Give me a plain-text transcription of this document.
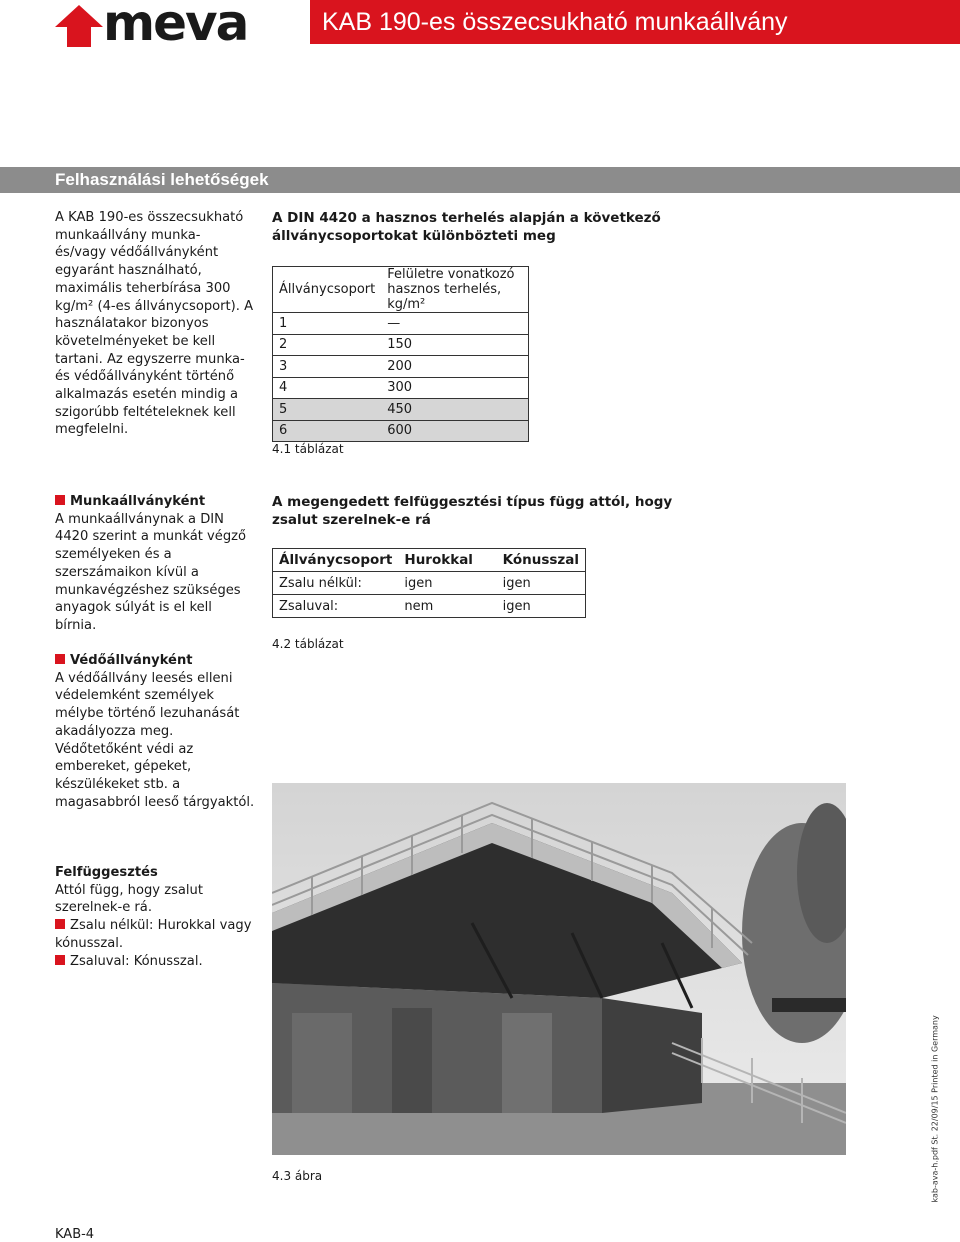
meva	KAB 190-es összecsukható munkaállvány
Felhasználási lehetőségek

A KAB 190-es összecsukható munkaállvány munka- és/vagy védőállványként egyaránt használható, maximális teherbírása 300 kg/m² (4-es állványcsoport). A használatakor bizonyos követelményeket be kell tartani. Az egyszerre munka- és védőállványként történő alkalmazás esetén mindig a szigorúbb feltételeknek kell megfelelni.

Munkaállványként

A munkaállványnak a DIN 4420 szerint a munkát végző személyeken és a szerszámaikon kívül a munkavégzéshez szükséges anyagok súlyát is el kell bírnia.

Védőállványként

A védőállvány leesés elleni védelemként személyek mélybe történő lezuhanását akadályozza meg. Védőtetőként védi az embereket, gépeket, készülékeket stb. a magasabbról leeső tárgyaktól.

Felfüggesztés

Attól függ, hogy zsalut szerelnek-e rá.

Zsalu nélkül: Hurokkal vagy kónusszal.

Zsaluval: Kónusszal.

A DIN 4420 a hasznos terhelés alapján a következő állványcsoportokat különbözteti meg
Állványcsoport	Felületre vonatkozó hasznos terhelés, kg/m²
1	—
2	150
3	200
4	300
5	450
6	600
4.1 táblázat
A megengedett felfüggesztési típus függ attól, hogy zsalut szerelnek-e rá
Állványcsoport	Hurokkal	Kónusszal
Zsalu nélkül:	igen	igen
Zsaluval:	nem	igen
4.2 táblázat
4.3 ábra	kab-ava-h.pdf St. 22/09/15 Printed in Germany
KAB-4
